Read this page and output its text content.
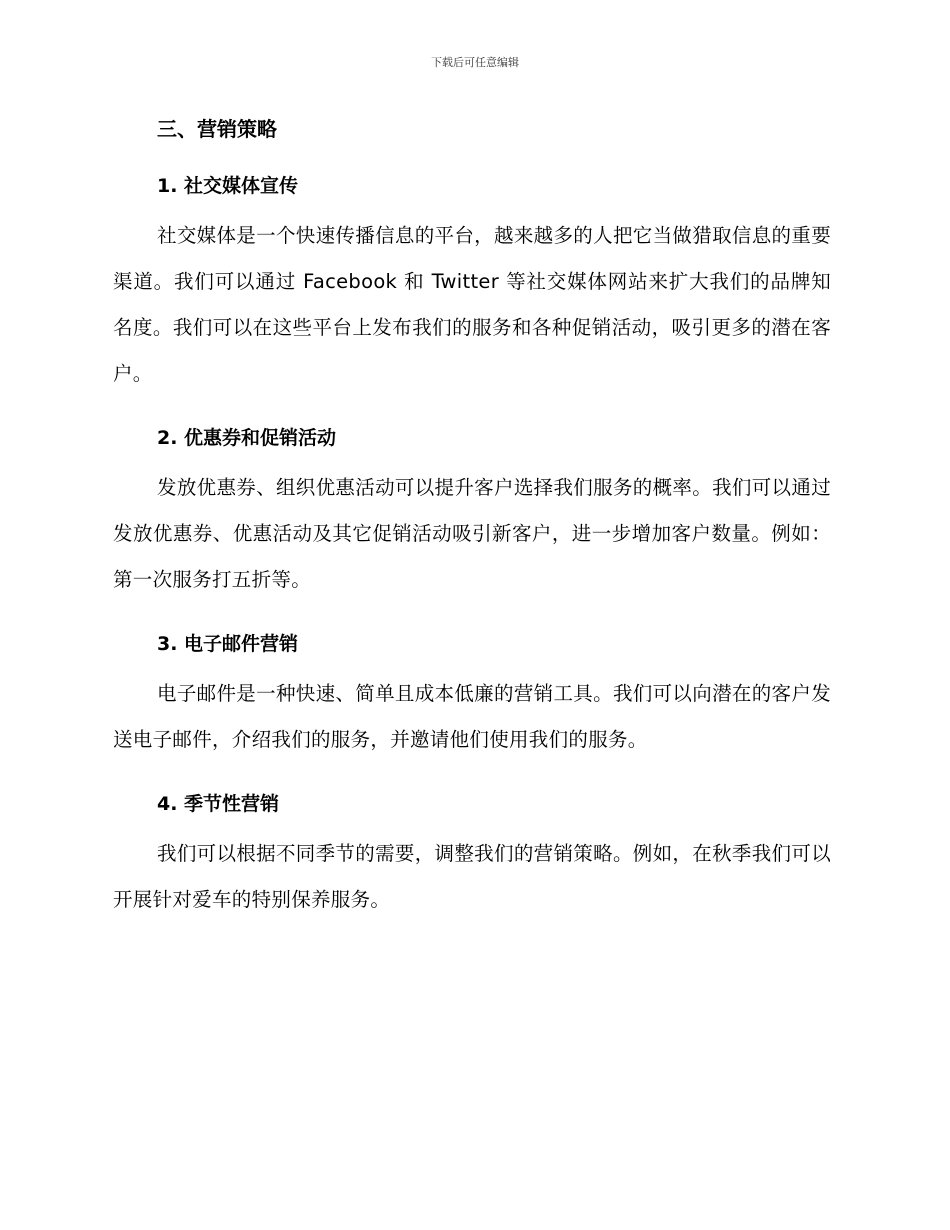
下载后可任意编辑
三、营销策略
1. 社交媒体宣传
社交媒体是一个快速传播信息的平台，越来越多的人把它当做猎取信息的重要渠道。我们可以通过 Facebook 和 Twitter 等社交媒体网站来扩大我们的品牌知名度。我们可以在这些平台上发布我们的服务和各种促销活动，吸引更多的潜在客户。
2. 优惠券和促销活动
发放优惠券、组织优惠活动可以提升客户选择我们服务的概率。我们可以通过发放优惠券、优惠活动及其它促销活动吸引新客户，进一步增加客户数量。例如：第一次服务打五折等。
3. 电子邮件营销
电子邮件是一种快速、简单且成本低廉的营销工具。我们可以向潜在的客户发送电子邮件，介绍我们的服务，并邀请他们使用我们的服务。
4. 季节性营销
我们可以根据不同季节的需要，调整我们的营销策略。例如，在秋季我们可以开展针对爱车的特别保养服务。
